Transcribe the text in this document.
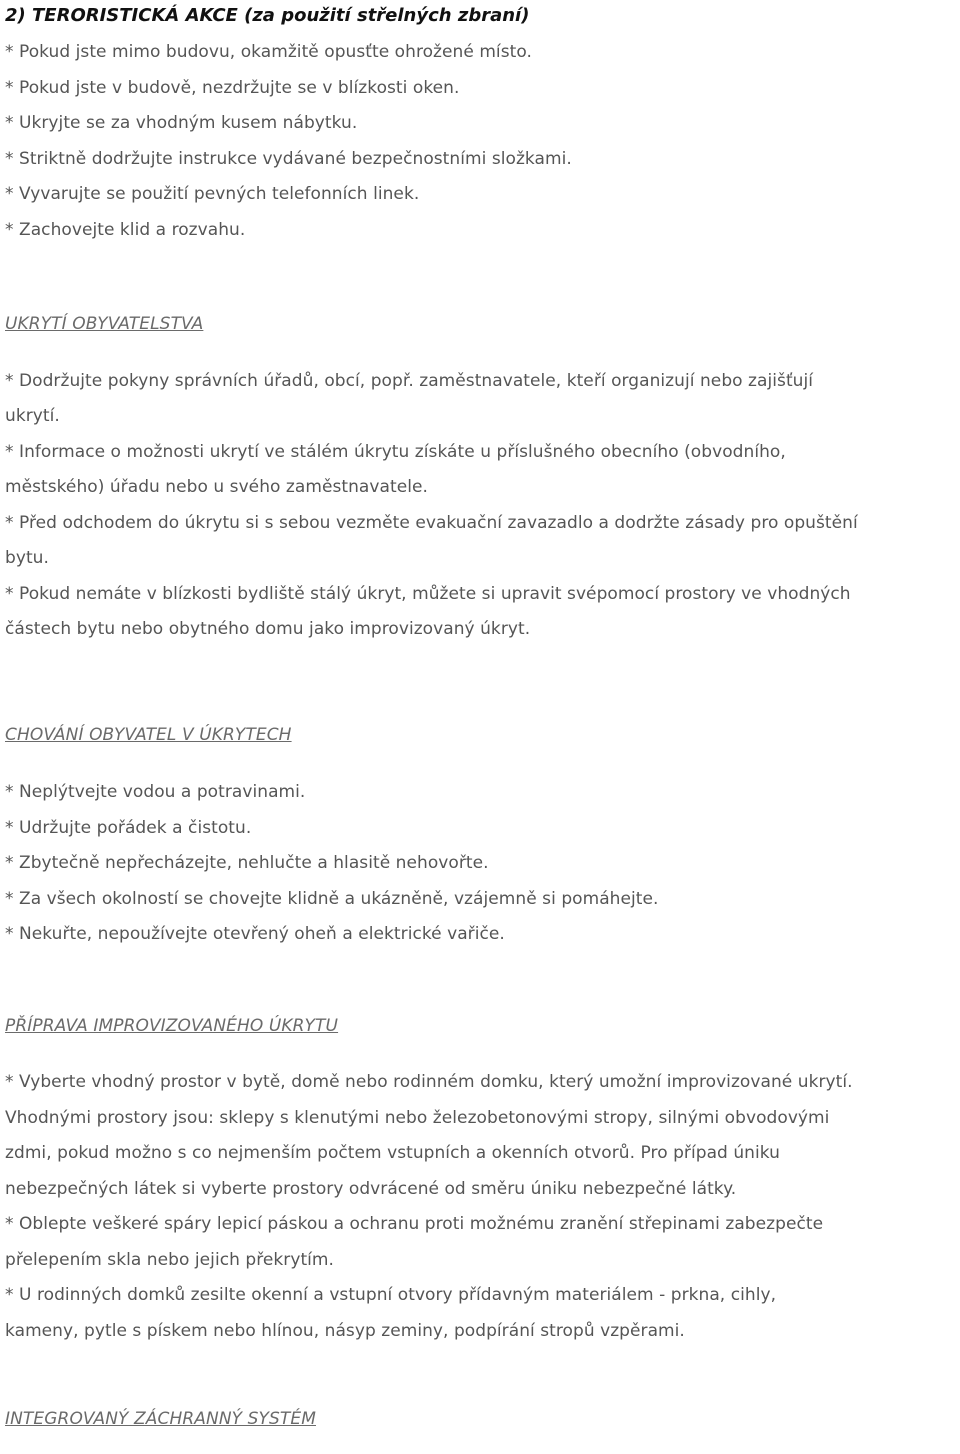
2) TERORISTICKÁ AKCE (za použití střelných zbraní)
* Pokud jste mimo budovu, okamžitě opusťte ohrožené místo.
* Pokud jste v budově, nezdržujte se v blízkosti oken.
* Ukryjte se za vhodným kusem nábytku.
* Striktně dodržujte instrukce vydávané bezpečnostními složkami.
* Vyvarujte se použití pevných telefonních linek.
* Zachovejte klid a rozvahu.
UKRYTÍ OBYVATELSTVA
* Dodržujte pokyny správních úřadů, obcí, popř. zaměstnavatele, kteří organizují nebo zajišťují
ukrytí.
* Informace o možnosti ukrytí ve stálém úkrytu získáte u příslušného obecního (obvodního,
městského) úřadu nebo u svého zaměstnavatele.
* Před odchodem do úkrytu si s sebou vezměte evakuační zavazadlo a dodržte zásady pro opuštění
bytu.
* Pokud nemáte v blízkosti bydliště stálý úkryt, můžete si upravit svépomocí prostory ve vhodných
částech bytu nebo obytného domu jako improvizovaný úkryt.
CHOVÁNÍ OBYVATEL V ÚKRYTECH
* Neplýtvejte vodou a potravinami.
* Udržujte pořádek a čistotu.
* Zbytečně nepřecházejte, nehlučte a hlasitě nehovořte.
* Za všech okolností se chovejte klidně a ukázněně, vzájemně si pomáhejte.
* Nekuřte, nepoužívejte otevřený oheň a elektrické vařiče.
PŘÍPRAVA IMPROVIZOVANÉHO ÚKRYTU
* Vyberte vhodný prostor v bytě, domě nebo rodinném domku, který umožní improvizované ukrytí.
Vhodnými prostory jsou: sklepy s klenutými nebo železobetonovými stropy, silnými obvodovými
zdmi, pokud možno s co nejmenším počtem vstupních a okenních otvorů. Pro případ úniku
nebezpečných látek si vyberte prostory odvrácené od směru úniku nebezpečné látky.
* Oblepte veškeré spáry lepicí páskou a ochranu proti možnému zranění střepinami zabezpečte
přelepením skla nebo jejich překrytím.
* U rodinných domků zesilte okenní a vstupní otvory přídavným materiálem - prkna, cihly,
kameny, pytle s pískem nebo hlínou, násyp zeminy, podpírání stropů vzpěrami.
INTEGROVANÝ ZÁCHRANNÝ SYSTÉM
